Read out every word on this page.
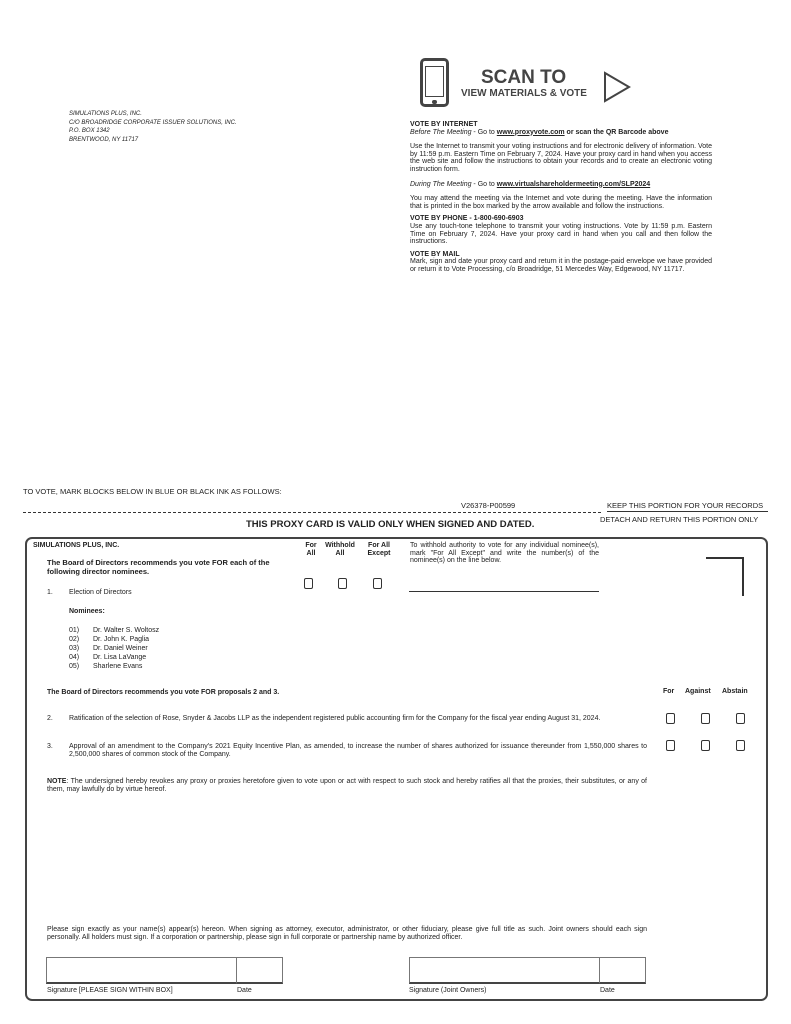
SCAN TO
VIEW MATERIALS & VOTE
SIMULATIONS PLUS, INC.
C/O BROADRIDGE CORPORATE ISSUER SOLUTIONS, INC.
P.O. BOX 1342
BRENTWOOD, NY 11717
VOTE BY INTERNET
Before The Meeting - Go to www.proxyvote.com or scan the QR Barcode above
Use the Internet to transmit your voting instructions and for electronic delivery of information. Vote by 11:59 p.m. Eastern Time on February 7, 2024. Have your proxy card in hand when you access the web site and follow the instructions to obtain your records and to create an electronic voting instruction form.
During The Meeting - Go to www.virtualshareholdermeeting.com/SLP2024
You may attend the meeting via the Internet and vote during the meeting. Have the information that is printed in the box marked by the arrow available and follow the instructions.
VOTE BY PHONE - 1-800-690-6903
Use any touch-tone telephone to transmit your voting instructions. Vote by 11:59 p.m. Eastern Time on February 7, 2024. Have your proxy card in hand when you call and then follow the instructions.
VOTE BY MAIL
Mark, sign and date your proxy card and return it in the postage-paid envelope we have provided or return it to Vote Processing, c/o Broadridge, 51 Mercedes Way, Edgewood, NY 11717.
TO VOTE, MARK BLOCKS BELOW IN BLUE OR BLACK INK AS FOLLOWS:
V26378-P00599	KEEP THIS PORTION FOR YOUR RECORDS
DETACH AND RETURN THIS PORTION ONLY
THIS PROXY CARD IS VALID ONLY WHEN SIGNED AND DATED.
SIMULATIONS PLUS, INC.
The Board of Directors recommends you vote FOR each of the following director nominees.
For All
Withhold All
For All Except
To withhold authority to vote for any individual nominee(s), mark "For All Except" and write the number(s) of the nominee(s) on the line below.
1. Election of Directors
Nominees:
01) Dr. Walter S. Woltosz
02) Dr. John K. Paglia
03) Dr. Daniel Weiner
04) Dr. Lisa LaVange
05) Sharlene Evans
The Board of Directors recommends you vote FOR proposals 2 and 3.	For Against Abstain
2. Ratification of the selection of Rose, Snyder & Jacobs LLP as the independent registered public accounting firm for the Company for the fiscal year ending August 31, 2024.
3. Approval of an amendment to the Company's 2021 Equity Incentive Plan, as amended, to increase the number of shares authorized for issuance thereunder from 1,550,000 shares to 2,500,000 shares of common stock of the Company.
NOTE: The undersigned hereby revokes any proxy or proxies heretofore given to vote upon or act with respect to such stock and hereby ratifies all that the proxies, their substitutes, or any of them, may lawfully do by virtue hereof.
Please sign exactly as your name(s) appear(s) hereon. When signing as attorney, executor, administrator, or other fiduciary, please give full title as such. Joint owners should each sign personally. All holders must sign. If a corporation or partnership, please sign in full corporate or partnership name by authorized officer.
Signature [PLEASE SIGN WITHIN BOX]	Date	Signature (Joint Owners)	Date
